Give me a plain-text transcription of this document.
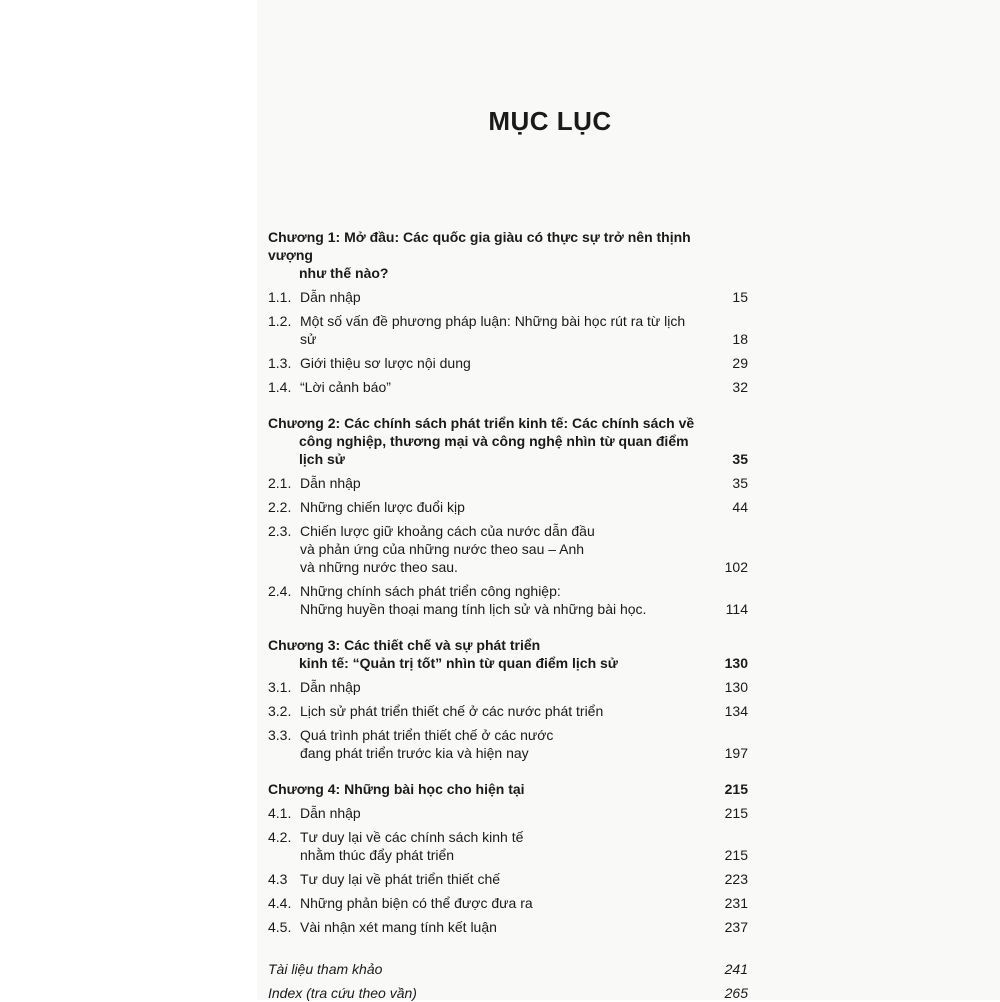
MỤC LỤC
Chương 1: Mở đầu: Các quốc gia giàu có thực sự trở nên thịnh vượng
như thế nào?
1.1. Dẫn nhập	15
1.2. Một số vấn đề phương pháp luận: Những bài học rút ra từ lịch sử	18
1.3. Giới thiệu sơ lược nội dung	29
1.4. “Lời cảnh báo”	32
Chương 2: Các chính sách phát triển kinh tế: Các chính sách về
công nghiệp, thương mại và công nghệ nhìn từ quan điểm lịch sử	35
2.1. Dẫn nhập	35
2.2. Những chiến lược đuổi kịp	44
2.3. Chiến lược giữ khoảng cách của nước dẫn đầu
và phản ứng của những nước theo sau – Anh
và những nước theo sau.	102
2.4. Những chính sách phát triển công nghiệp:
Những huyền thoại mang tính lịch sử và những bài học.	114
Chương 3: Các thiết chế và sự phát triển
kinh tế: “Quản trị tốt” nhìn từ quan điểm lịch sử	130
3.1. Dẫn nhập	130
3.2. Lịch sử phát triển thiết chế ở các nước phát triển	134
3.3. Quá trình phát triển thiết chế ở các nước
đang phát triển trước kia và hiện nay	197
Chương 4: Những bài học cho hiện tại	215
4.1. Dẫn nhập	215
4.2. Tư duy lại về các chính sách kinh tế
nhằm thúc đẩy phát triển	215
4.3 Tư duy lại về phát triển thiết chế	223
4.4. Những phản biện có thể được đưa ra	231
4.5. Vài nhận xét mang tính kết luận	237
Tài liệu tham khảo	241
Index (tra cứu theo vần)	265
